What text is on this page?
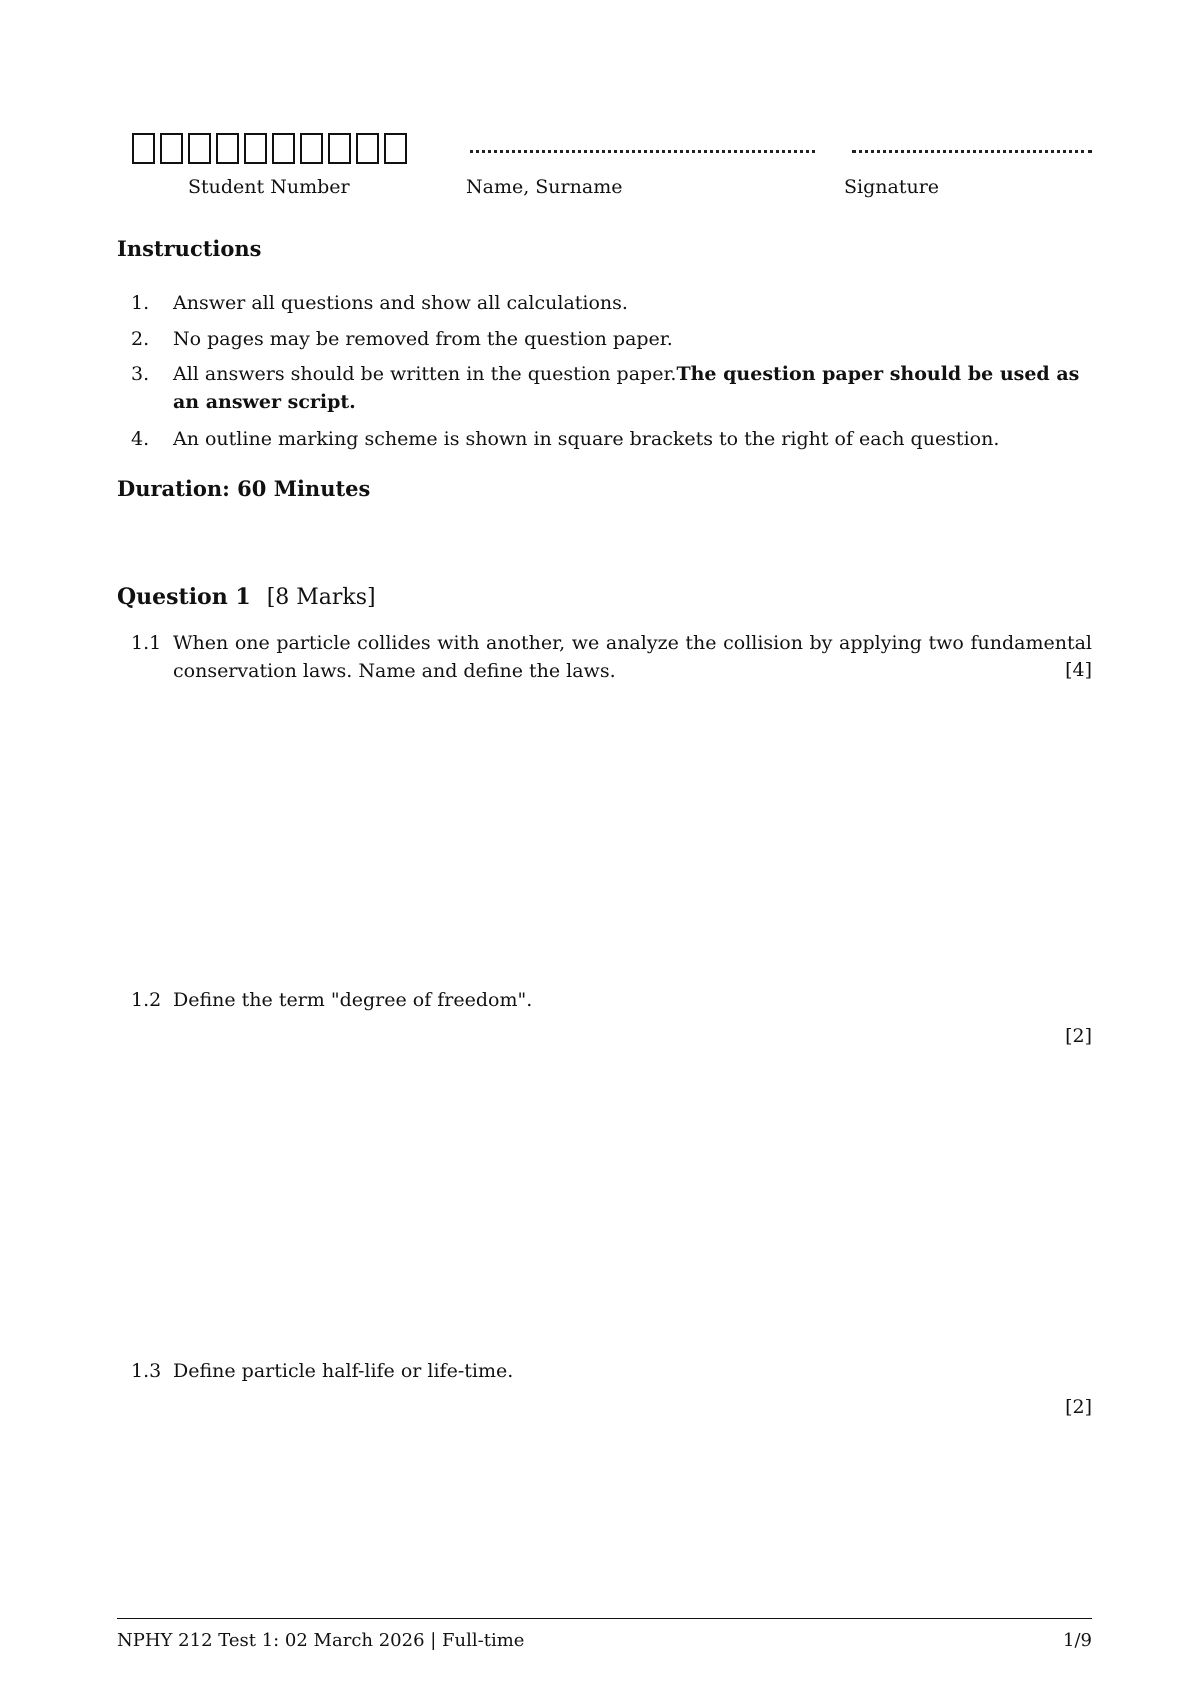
Student Number	Name, Surname	Signature
Instructions
1. Answer all questions and show all calculations.
2. No pages may be removed from the question paper.
3. All answers should be written in the question paper.The question paper should be used as an answer script.
4. An outline marking scheme is shown in square brackets to the right of each question.
Duration: 60 Minutes
Question 1 [8 Marks]
1.1 When one particle collides with another, we analyze the collision by applying two fundamental conservation laws. Name and define the laws.	[4]
1.2 Define the term "degree of freedom".
[2]
1.3 Define particle half-life or life-time.
[2]
NPHY 212 Test 1: 02 March 2026 | Full-time	1/9
